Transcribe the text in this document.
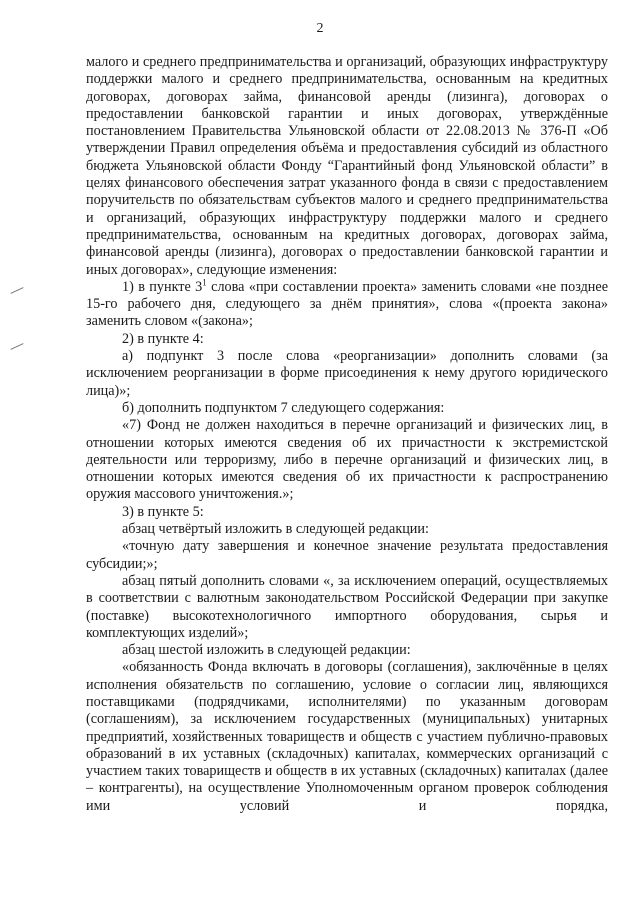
2

малого и среднего предпринимательства и организаций, образующих инфраструктуру поддержки малого и среднего предпринимательства, основанным на кредитных договорах, договорах займа, финансовой аренды (лизинга), договорах о предоставлении банковской гарантии и иных договорах, утверждённые постановлением Правительства Ульяновской области от 22.08.2013 № 376-П «Об утверждении Правил определения объёма и предоставления субсидий из областного бюджета Ульяновской области Фонду “Гарантийный фонд Ульяновской области” в целях финансового обеспечения затрат указанного фонда в связи с предоставлением поручительств по обязательствам субъектов малого и среднего предпринимательства и организаций, образующих инфраструктуру поддержки малого и среднего предпринимательства, основанным на кредитных договорах, договорах займа, финансовой аренды (лизинга), договорах о предоставлении банковской гарантии и иных договорах», следующие изменения:

1) в пункте $3^1$ слова «при составлении проекта» заменить словами «не позднее 15-го рабочего дня, следующего за днём принятия», слова «(проекта закона» заменить словом «(закона»;

2) в пункте 4:

а) подпункт 3 после слова «реорганизации» дополнить словами (за исключением реорганизации в форме присоединения к нему другого юридического лица)»;

б) дополнить подпунктом 7 следующего содержания:

«7) Фонд не должен находиться в перечне организаций и физических лиц, в отношении которых имеются сведения об их причастности к экстремистской деятельности или терроризму, либо в перечне организаций и физических лиц, в отношении которых имеются сведения об их причастности к распространению оружия массового уничтожения.»;

3) в пункте 5:

абзац четвёртый изложить в следующей редакции:

«точную дату завершения и конечное значение результата предоставления субсидии;»;

абзац пятый дополнить словами «, за исключением операций, осуществляемых в соответствии с валютным законодательством Российской Федерации при закупке (поставке) высокотехнологичного импортного оборудования, сырья и комплектующих изделий»;

абзац шестой изложить в следующей редакции:

«обязанность Фонда включать в договоры (соглашения), заключённые в целях исполнения обязательств по соглашению, условие о согласии лиц, являющихся поставщиками (подрядчиками, исполнителями) по указанным договорам (соглашениям), за исключением государственных (муниципальных) унитарных предприятий, хозяйственных товариществ и обществ с участием публично-правовых образований в их уставных (складочных) капиталах, коммерческих организаций с участием таких товариществ и обществ в их уставных (складочных) капиталах (далее – контрагенты), на осуществление Уполномоченным органом проверок соблюдения ими условий и порядка,
